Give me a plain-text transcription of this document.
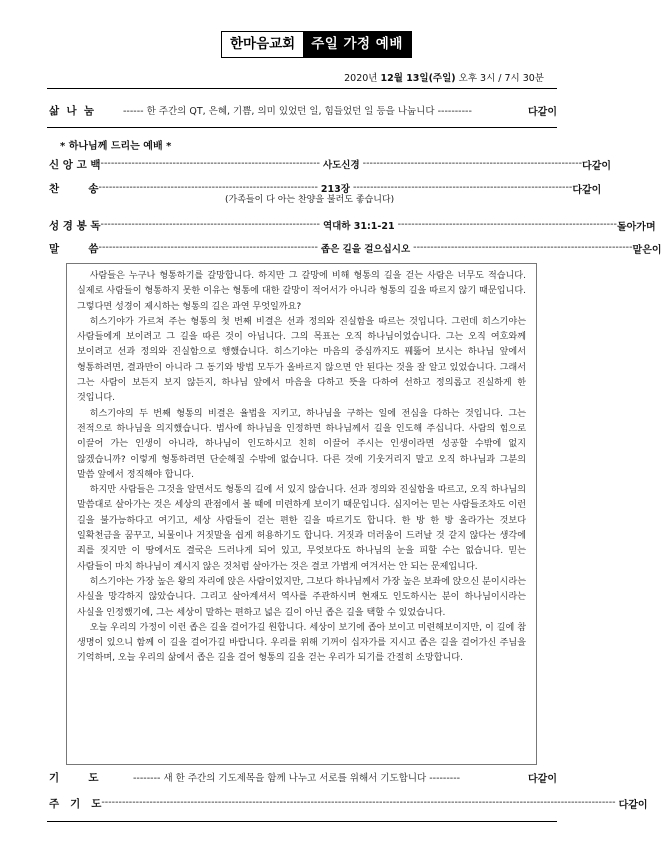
한마음교회	주일 가정 예배
2020년 12월 13일(주일) 오후 3시 / 7시 30분
삶  나  눔	------ 한 주간의 QT, 은혜, 기쁨, 의미 있었던 일, 힘들었던 일 등을 나눕니다 ----------	다같이
* 하나님께 드리는 예배 *
신 앙 고 백 ---------------------------------------------------------------- 사도신경 ---------------------------------------------------------------- 다같이
찬        송 ---------------------------------------------------------------- 213장 ---------------------------------------------------------------- 다같이
(가족들이 다 아는 찬양을 불러도 좋습니다)
성 경 봉 독 ---------------------------------------------------------------- 역대하 31:1-21 ---------------------------------------------------------------- 돌아가며
말        씀 ---------------------------------------------------------------- 좁은 길을 걸으십시오 ---------------------------------------------------------------- 맡은이

사람들은 누구나 형통하기를 갈망합니다. 하지만 그 갈망에 비해 형통의 길을 걷는 사람은 너무도 적습니다. 실제로 사람들이 형통하지 못한 이유는 형통에 대한 갈망이 적어서가 아니라 형통의 길을 따르지 않기 때문입니다. 그렇다면 성경이 제시하는 형통의 길은 과연 무엇일까요?

히스기야가 가르쳐 주는 형통의 첫 번째 비결은 선과 정의와 진실함을 따르는 것입니다. 그런데 히스기야는 사람들에게 보이려고 그 길을 따른 것이 아닙니다. 그의 목표는 오직 하나님이었습니다. 그는 오직 여호와께 보이려고 선과 정의와 진실함으로 행했습니다. 히스기야는 마음의 중심까지도 꿰뚫어 보시는 하나님 앞에서 형통하려면, 결과만이 아니라 그 동기와 방법 모두가 올바르지 않으면 안 된다는 것을 잘 알고 있었습니다. 그래서 그는 사람이 보든지 보지 않든지, 하나님 앞에서 마음을 다하고 뜻을 다하여 선하고 정의롭고 진실하게 한 것입니다.

히스기야의 두 번째 형통의 비결은 율법을 지키고, 하나님을 구하는 일에 전심을 다하는 것입니다. 그는 전적으로 하나님을 의지했습니다. 범사에 하나님을 인정하면 하나님께서 길을 인도해 주십니다. 사람의 힘으로 이끌어 가는 인생이 아니라, 하나님이 인도하시고 친히 이끌어 주시는 인생이라면 성공할 수밖에 없지 않겠습니까? 이렇게 형통하려면 단순해질 수밖에 없습니다. 다른 것에 기웃거리지 말고 오직 하나님과 그분의 말씀 앞에서 정직해야 합니다.

하지만 사람들은 그것을 알면서도 형통의 길에 서 있지 않습니다. 선과 정의와 진실함을 따르고, 오직 하나님의 말씀대로 살아가는 것은 세상의 관점에서 볼 때에 미련하게 보이기 때문입니다. 심지어는 믿는 사람들조차도 이런 길을 불가능하다고 여기고, 세상 사람들이 걷는 편한 길을 따르기도 합니다. 한 방 한 방 올라가는 것보다 일확천금을 꿈꾸고, 뇌물이나 거짓말을 쉽게 허용하기도 합니다. 거짓과 더러움이 드러날 것 같지 않다는 생각에 죄를 짓지만 이 땅에서도 결국은 드러나게 되어 있고, 무엇보다도 하나님의 눈을 피할 수는 없습니다. 믿는 사람들이 마치 하나님이 계시지 않은 것처럼 살아가는 것은 결코 가볍게 여겨서는 안 되는 문제입니다.

히스기야는 가장 높은 왕의 자리에 앉은 사람이었지만, 그보다 하나님께서 가장 높은 보좌에 앉으신 분이시라는 사실을 망각하지 않았습니다. 그리고 살아계셔서 역사를 주관하시며 현재도 인도하시는 분이 하나님이시라는 사실을 인정했기에, 그는 세상이 말하는 편하고 넓은 길이 아닌 좁은 길을 택할 수 있었습니다.

오늘 우리의 가정이 이런 좁은 길을 걸어가길 원합니다. 세상이 보기에 좁아 보이고 미련해보이지만, 이 길에 참 생명이 있으니 함께 이 길을 걸어가길 바랍니다. 우리를 위해 기꺼이 십자가를 지시고 좁은 길을 걸어가신 주님을 기억하며, 오늘 우리의 삶에서 좁은 길을 걸어 형통의 길을 걷는 우리가 되기를 간절히 소망합니다.

기        도	-------- 새 한 주간의 기도제목을 함께 나누고 서로를 위해서 기도합니다 ---------	다같이
주   기   도 ------------------------------------------------------------------------------------------------------------------------------------------------------ 다같이
